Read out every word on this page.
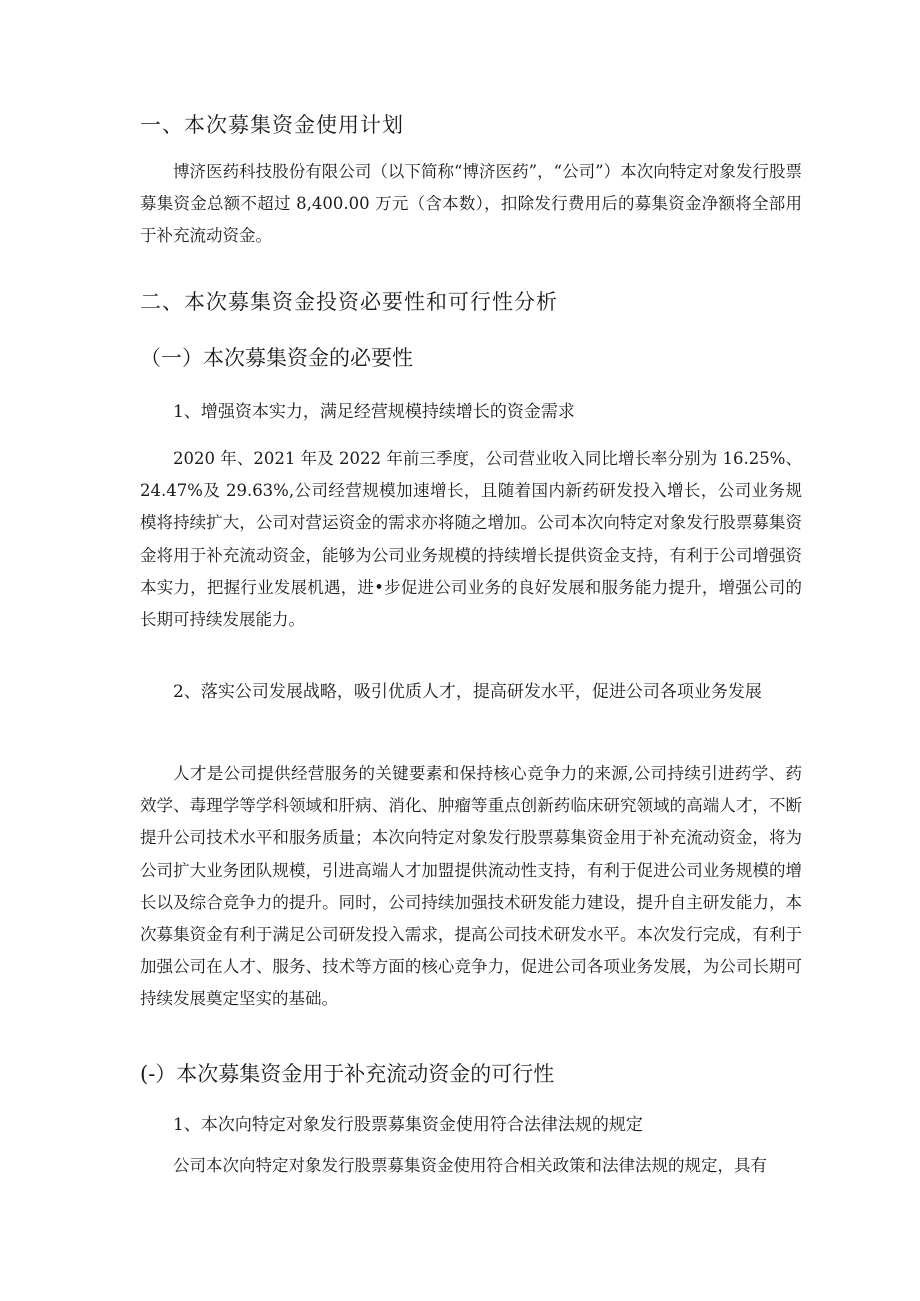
一、本次募集资金使用计划
博济医药科技股份有限公司（以下简称“博济医药”，“公司”）本次向特定对象发行股票募集资金总额不超过 8,400.00 万元（含本数），扣除发行费用后的募集资金净额将全部用于补充流动资金。
二、本次募集资金投资必要性和可行性分析
（一）本次募集资金的必要性
1、增强资本实力，满足经营规模持续增长的资金需求
2020 年、2021 年及 2022 年前三季度，公司营业收入同比增长率分别为 16.25%、24.47%及 29.63%,公司经营规模加速增长，且随着国内新药研发投入增长，公司业务规模将持续扩大，公司对营运资金的需求亦将随之增加。公司本次向特定对象发行股票募集资金将用于补充流动资金，能够为公司业务规模的持续增长提供资金支持，有利于公司增强资本实力，把握行业发展机遇，进•步促进公司业务的良好发展和服务能力提升，增强公司的长期可持续发展能力。
2、落实公司发展战略，吸引优质人才，提高研发水平，促进公司各项业务发展
人才是公司提供经营服务的关键要素和保持核心竞争力的来源,公司持续引进药学、药效学、毒理学等学科领域和肝病、消化、肿瘤等重点创新药临床研究领域的高端人才，不断提升公司技术水平和服务质量；本次向特定对象发行股票募集资金用于补充流动资金，将为公司扩大业务团队规模，引进高端人才加盟提供流动性支持，有利于促进公司业务规模的增长以及综合竞争力的提升。同时，公司持续加强技术研发能力建设，提升自主研发能力，本次募集资金有利于满足公司研发投入需求，提高公司技术研发水平。本次发行完成，有利于加强公司在人才、服务、技术等方面的核心竞争力，促进公司各项业务发展，为公司长期可持续发展奠定坚实的基础。
(-）本次募集资金用于补充流动资金的可行性
1、本次向特定对象发行股票募集资金使用符合法律法规的规定
公司本次向特定对象发行股票募集资金使用符合相关政策和法律法规的规定，具有
